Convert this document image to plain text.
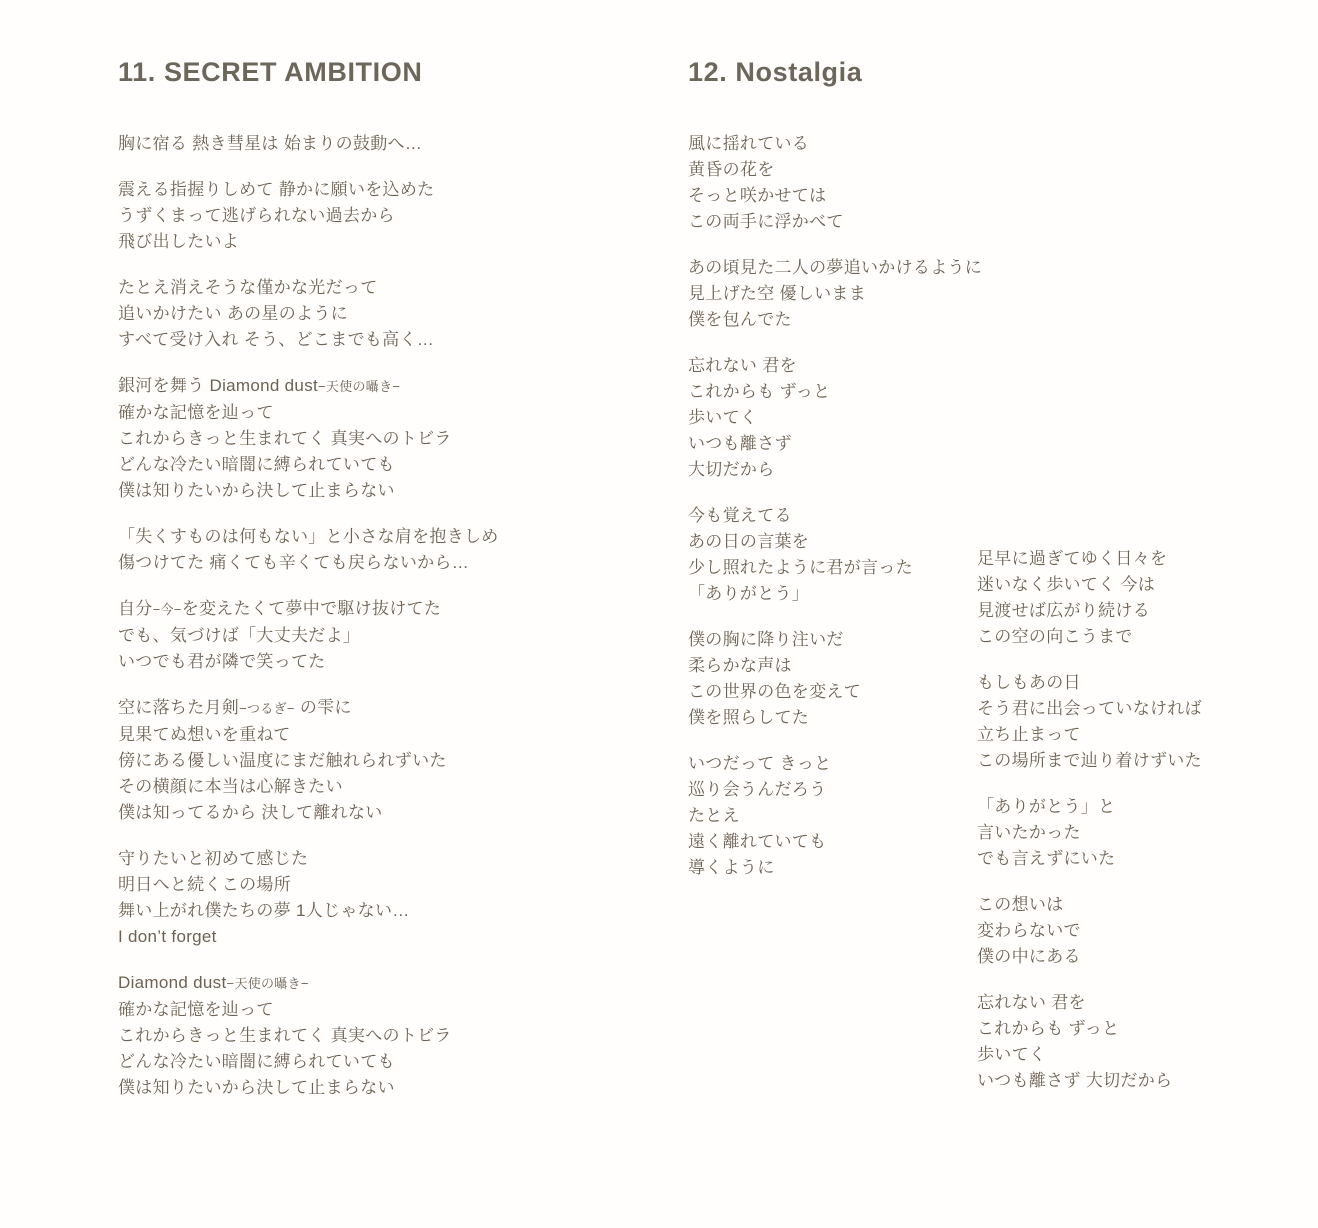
11. SECRET AMBITION
胸に宿る 熱き彗星は 始まりの鼓動へ…
震える指握りしめて 静かに願いを込めた
うずくまって逃げられない過去から
飛び出したいよ
たとえ消えそうな僅かな光だって
追いかけたい あの星のように
すべて受け入れ そう、どこまでも高く…
銀河を舞う Diamond dust−天使の囁き−
確かな記憶を辿って
これからきっと生まれてく 真実へのトビラ
どんな冷たい暗闇に縛られていても
僕は知りたいから決して止まらない
「失くすものは何もない」と小さな肩を抱きしめ
傷つけてた 痛くても辛くても戻らないから…
自分−今−を変えたくて夢中で駆け抜けてた
でも、気づけば「大丈夫だよ」
いつでも君が隣で笑ってた
空に落ちた月剣−つるぎ− の雫に
見果てぬ想いを重ねて
傍にある優しい温度にまだ触れられずいた
その横顔に本当は心解きたい
僕は知ってるから 決して離れない
守りたいと初めて感じた
明日へと続くこの場所
舞い上がれ僕たちの夢 1人じゃない…
I don’t forget
Diamond dust−天使の囁き−
確かな記憶を辿って
これからきっと生まれてく 真実へのトビラ
どんな冷たい暗闇に縛られていても
僕は知りたいから決して止まらない
12. Nostalgia
風に揺れている
黄昏の花を
そっと咲かせては
この両手に浮かべて
あの頃見た二人の夢追いかけるように
見上げた空 優しいまま
僕を包んでた
忘れない 君を
これからも ずっと
歩いてく
いつも離さず
大切だから
今も覚えてる
あの日の言葉を
少し照れたように君が言った
「ありがとう」
僕の胸に降り注いだ
柔らかな声は
この世界の色を変えて
僕を照らしてた
いつだって きっと
巡り会うんだろう
たとえ
遠く離れていても
導くように
足早に過ぎてゆく日々を
迷いなく歩いてく 今は
見渡せば広がり続ける
この空の向こうまで
もしもあの日
そう君に出会っていなければ
立ち止まって
この場所まで辿り着けずいた
「ありがとう」と
言いたかった
でも言えずにいた
この想いは
変わらないで
僕の中にある
忘れない 君を
これからも ずっと
歩いてく
いつも離さず 大切だから
